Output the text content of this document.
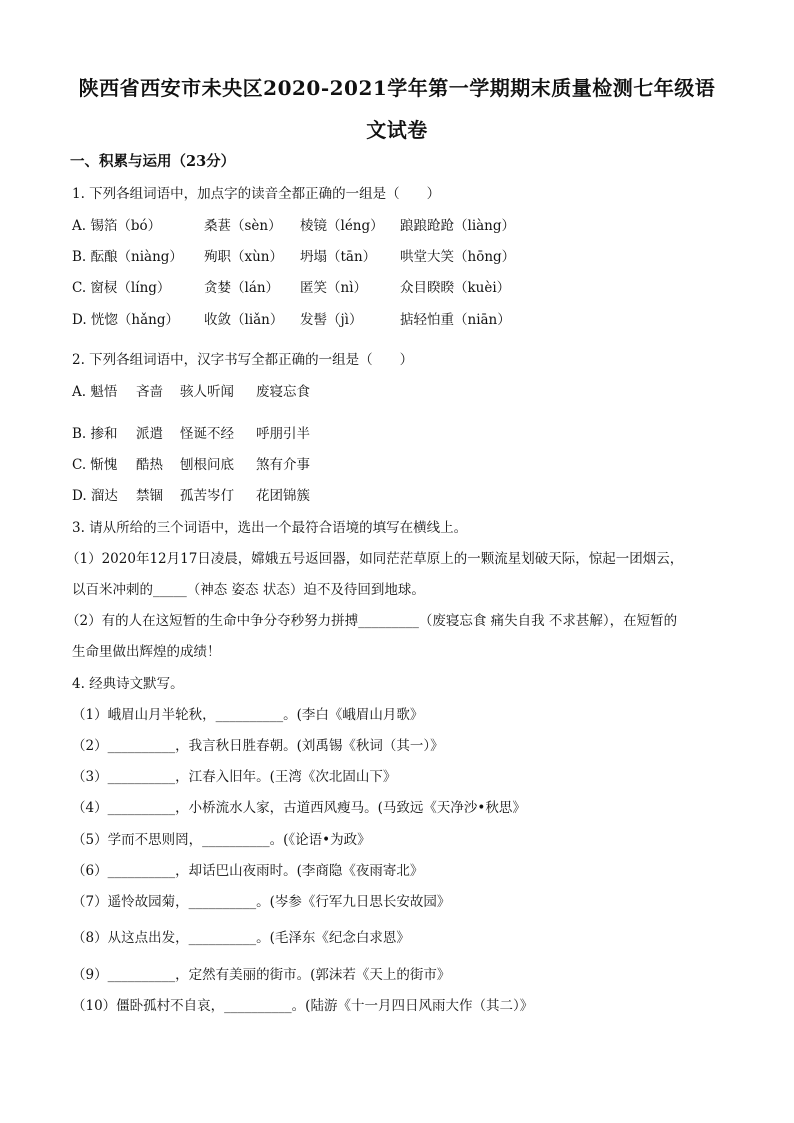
陕西省西安市未央区2020-2021学年第一学期期末质量检测七年级语
文试卷
一、积累与运用（23分）
1. 下列各组词语中，加点字的读音全都正确的一组是（　　）
A. 锡箔（bó）	桑葚（sèn） 棱镜（léng） 踉踉跄跄（liàng）
B. 酝酿（niàng） 殉职（xùn） 坍塌（tān） 哄堂大笑（hōng）
C. 窗棂（líng） 贪婪（lán） 匿笑（nì） 众目睽睽（kuèi）
D. 恍惚（hǎng） 收敛（liǎn） 发髻（jì）	掂轻怕重（niān）
2. 下列各组词语中，汉字书写全都正确的一组是（　　）
A. 魁悟 吝啬 骇人听闻 废寝忘食
B. 掺和 派遣 怪诞不经 呼朋引半
C. 惭愧 酷热 刨根问底 煞有介事
D. 溜达 禁锢 孤苦岑仃 花团锦簇
3. 请从所给的三个词语中，选出一个最符合语境的填写在横线上。
（1）2020年12月17日凌晨，嫦娥五号返回器，如同茫茫草原上的一颗流星划破天际，惊起一团烟云，
以百米冲刺的_____（神态 姿态 状态）迫不及待回到地球。
（2）有的人在这短暂的生命中争分夺秒努力拼搏_________（废寝忘食 痛失自我 不求甚解），在短暂的
生命里做出辉煌的成绩！
4. 经典诗文默写。
（1）峨眉山月半轮秋，__________。(李白《峨眉山月歌》
（2）__________，我言秋日胜春朝。(刘禹锡《秋词（其一）》
（3）__________，江春入旧年。(王湾《次北固山下》
（4）__________，小桥流水人家，古道西风瘦马。(马致远《天净沙•秋思》
（5）学而不思则罔，__________。(《论语•为政》
（6）__________，却话巴山夜雨时。(李商隐《夜雨寄北》
（7）遥怜故园菊，__________。(岑参《行军九日思长安故园》
（8）从这点出发，__________。(毛泽东《纪念白求恩》
（9）__________，定然有美丽的街市。(郭沫若《天上的街市》
（10）僵卧孤村不自哀，__________。(陆游《十一月四日风雨大作（其二）》
